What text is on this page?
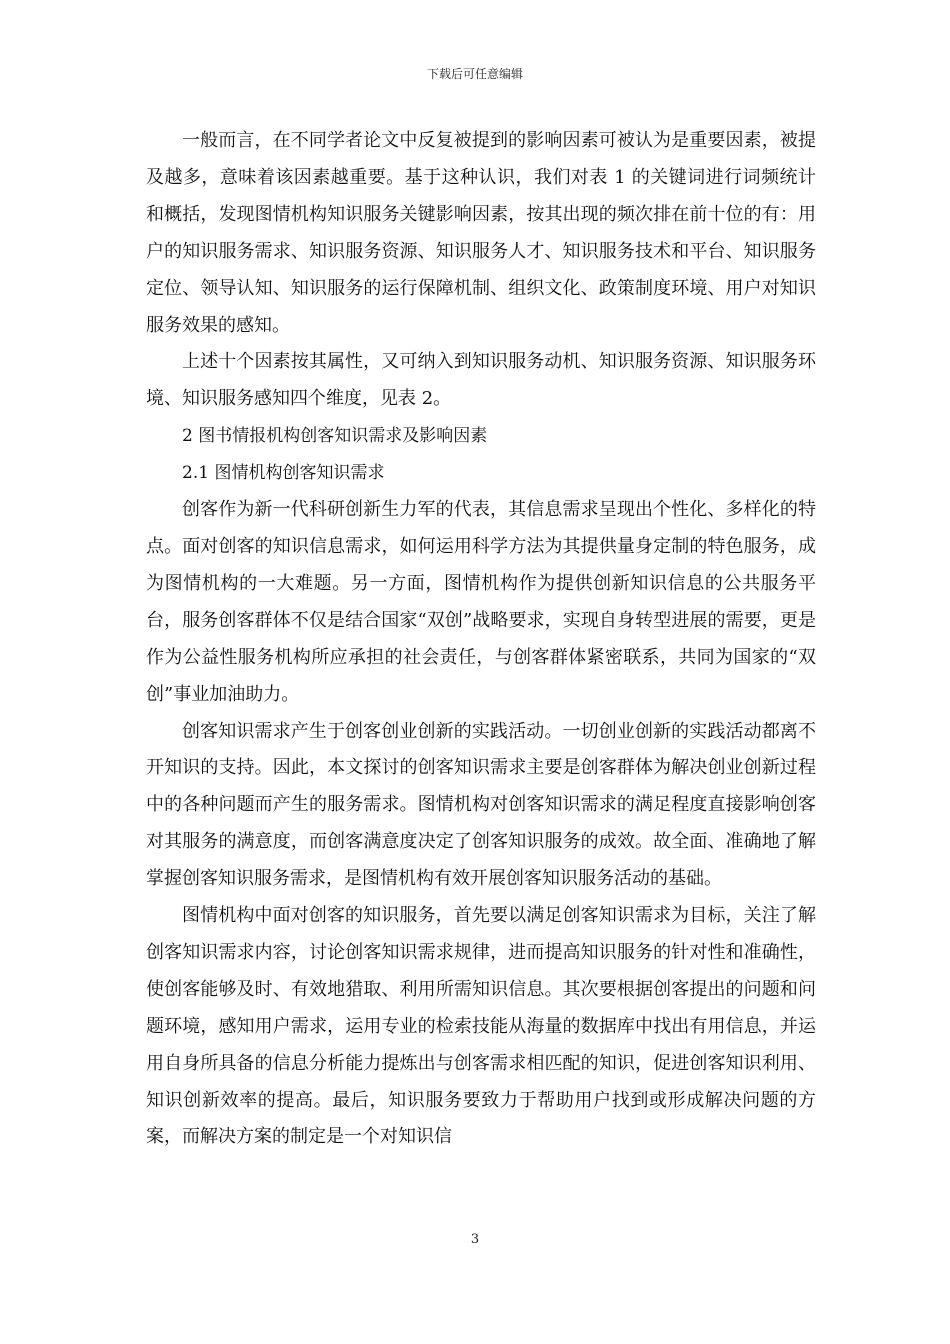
下载后可任意编辑

一般而言，在不同学者论文中反复被提到的影响因素可被认为是重要因素，被提及越多，意味着该因素越重要。基于这种认识，我们对表 1 的关键词进行词频统计和概括，发现图情机构知识服务关键影响因素，按其出现的频次排在前十位的有：用户的知识服务需求、知识服务资源、知识服务人才、知识服务技术和平台、知识服务定位、领导认知、知识服务的运行保障机制、组织文化、政策制度环境、用户对知识服务效果的感知。

上述十个因素按其属性，又可纳入到知识服务动机、知识服务资源、知识服务环境、知识服务感知四个维度，见表 2。

2 图书情报机构创客知识需求及影响因素

2.1 图情机构创客知识需求

创客作为新一代科研创新生力军的代表，其信息需求呈现出个性化、多样化的特点。面对创客的知识信息需求，如何运用科学方法为其提供量身定制的特色服务，成为图情机构的一大难题。另一方面，图情机构作为提供创新知识信息的公共服务平台，服务创客群体不仅是结合国家“双创”战略要求，实现自身转型进展的需要，更是作为公益性服务机构所应承担的社会责任，与创客群体紧密联系，共同为国家的“双创”事业加油助力。

创客知识需求产生于创客创业创新的实践活动。一切创业创新的实践活动都离不开知识的支持。因此，本文探讨的创客知识需求主要是创客群体为解决创业创新过程中的各种问题而产生的服务需求。图情机构对创客知识需求的满足程度直接影响创客对其服务的满意度，而创客满意度决定了创客知识服务的成效。故全面、准确地了解掌握创客知识服务需求，是图情机构有效开展创客知识服务活动的基础。

图情机构中面对创客的知识服务，首先要以满足创客知识需求为目标，关注了解创客知识需求内容，讨论创客知识需求规律，进而提高知识服务的针对性和准确性，使创客能够及时、有效地猎取、利用所需知识信息。其次要根据创客提出的问题和问题环境，感知用户需求，运用专业的检索技能从海量的数据库中找出有用信息，并运用自身所具备的信息分析能力提炼出与创客需求相匹配的知识，促进创客知识利用、知识创新效率的提高。最后，知识服务要致力于帮助用户找到或形成解决问题的方案，而解决方案的制定是一个对知识信

3
